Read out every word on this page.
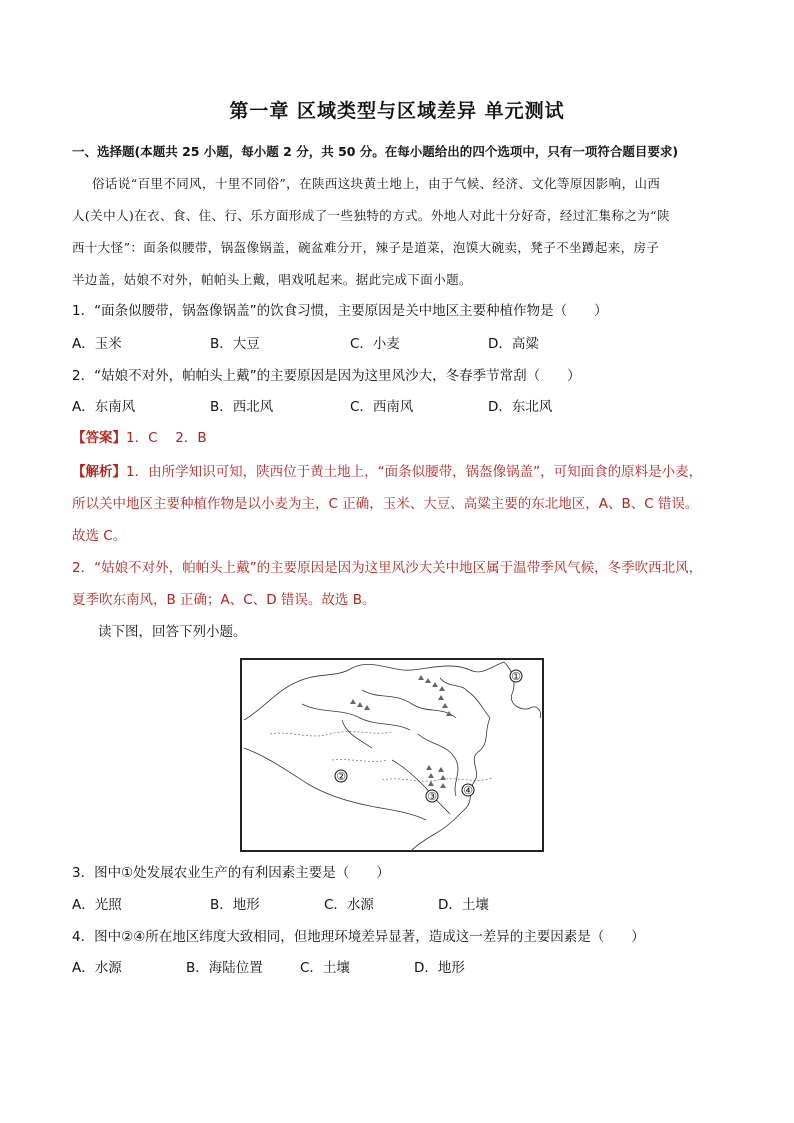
第一章 区域类型与区域差异 单元测试
一、选择题(本题共 25 小题，每小题 2 分，共 50 分。在每小题给出的四个选项中，只有一项符合题目要求)
俗话说“百里不同风，十里不同俗”，在陕西这块黄土地上，由于气候、经济、文化等原因影响，山西
人(关中人)在衣、食、住、行、乐方面形成了一些独特的方式。外地人对此十分好奇，经过汇集称之为“陕
西十大怪”：面条似腰带，锅盔像锅盖，碗盆难分开，辣子是道菜，泡馍大碗卖，凳子不坐蹲起来，房子
半边盖，姑娘不对外，帕帕头上戴，唱戏吼起来。据此完成下面小题。
1．“面条似腰带，锅盔像锅盖”的饮食习惯，主要原因是关中地区主要种植作物是（　　）
A．玉米	B．大豆	C．小麦	D．高粱
2．“姑娘不对外，帕帕头上戴”的主要原因是因为这里风沙大，冬春季节常刮（　　）
A．东南风	B．西北风	C．西南风	D．东北风
【答案】1．C　 2．B
【解析】1．由所学知识可知，陕西位于黄土地上，“面条似腰带，锅盔像锅盖”，可知面食的原料是小麦，
所以关中地区主要种植作物是以小麦为主，C 正确，玉米、大豆、高粱主要的东北地区，A、B、C 错误。
故选 C。
2．“姑娘不对外，帕帕头上戴”的主要原因是因为这里风沙大关中地区属于温带季风气候，冬季吹西北风，
夏季吹东南风，B 正确；A、C、D 错误。故选 B。
读下图，回答下列小题。
①
②
③ ④
3．图中①处发展农业生产的有利因素主要是（　　）
A．光照	B．地形	C．水源	D．土壤
4．图中②④所在地区纬度大致相同，但地理环境差异显著，造成这一差异的主要因素是（　　）
A．水源	B．海陆位置	C．土壤	D．地形
